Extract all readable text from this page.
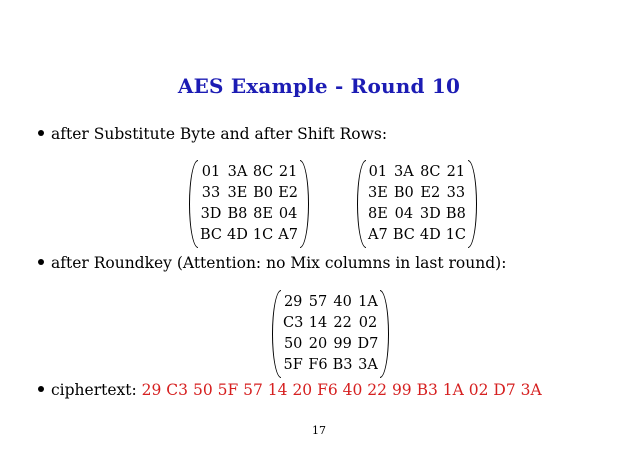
AES Example - Round 10
after Substitute Byte and after Shift Rows:
01 3A 8C 21
33 3E B0 E2
3D B8 8E 04
BC 4D 1C A7
01 3A 8C 21
3E B0 E2 33
8E 04 3D B8
A7 BC 4D 1C
after Roundkey (Attention: no Mix columns in last round):
29 57 40 1A
C3 14 22 02
50 20 99 D7
5F F6 B3 3A
ciphertext: 29 C3 50 5F 57 14 20 F6 40 22 99 B3 1A 02 D7 3A
17
